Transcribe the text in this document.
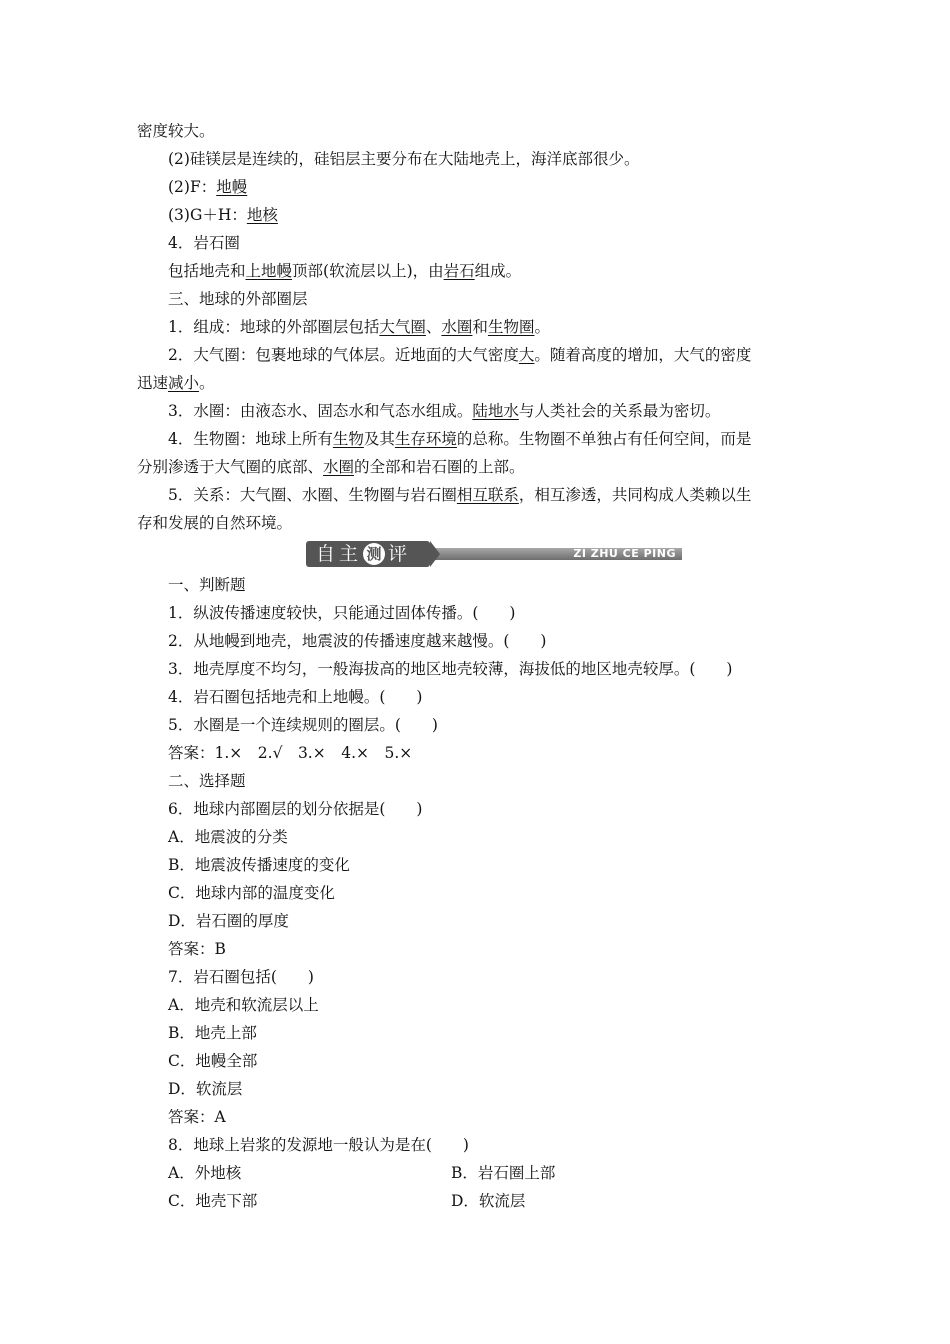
密度较大。
(2)硅镁层是连续的，硅铝层主要分布在大陆地壳上，海洋底部很少。
(2)F：地幔
(3)G＋H：地核
4．岩石圈
包括地壳和上地幔顶部(软流层以上)，由岩石组成。
三、地球的外部圈层
1．组成：地球的外部圈层包括大气圈、水圈和生物圈。
2．大气圈：包裹地球的气体层。近地面的大气密度大。随着高度的增加，大气的密度
迅速减小。
3．水圈：由液态水、固态水和气态水组成。陆地水与人类社会的关系最为密切。
4．生物圈：地球上所有生物及其生存环境的总称。生物圈不单独占有任何空间，而是
分别渗透于大气圈的底部、水圈的全部和岩石圈的上部。
5．关系：大气圈、水圈、生物圈与岩石圈相互联系，相互渗透，共同构成人类赖以生
存和发展的自然环境。
ZI ZHU CE PING
自主 测 评
一、判断题
1．纵波传播速度较快，只能通过固体传播。(　　)
2．从地幔到地壳，地震波的传播速度越来越慢。(　　)
3．地壳厚度不均匀，一般海拔高的地区地壳较薄，海拔低的地区地壳较厚。(　　)
4．岩石圈包括地壳和上地幔。(　　)
5．水圈是一个连续规则的圈层。(　　)
答案：1.×　2.√　3.×　4.×　5.×
二、选择题
6．地球内部圈层的划分依据是(　　)
A．地震波的分类
B．地震波传播速度的变化
C．地球内部的温度变化
D．岩石圈的厚度
答案：B
7．岩石圈包括(　　)
A．地壳和软流层以上
B．地壳上部
C．地幔全部
D．软流层
答案：A
8．地球上岩浆的发源地一般认为是在(　　)
A．外地核	B．岩石圈上部
C．地壳下部	D．软流层
